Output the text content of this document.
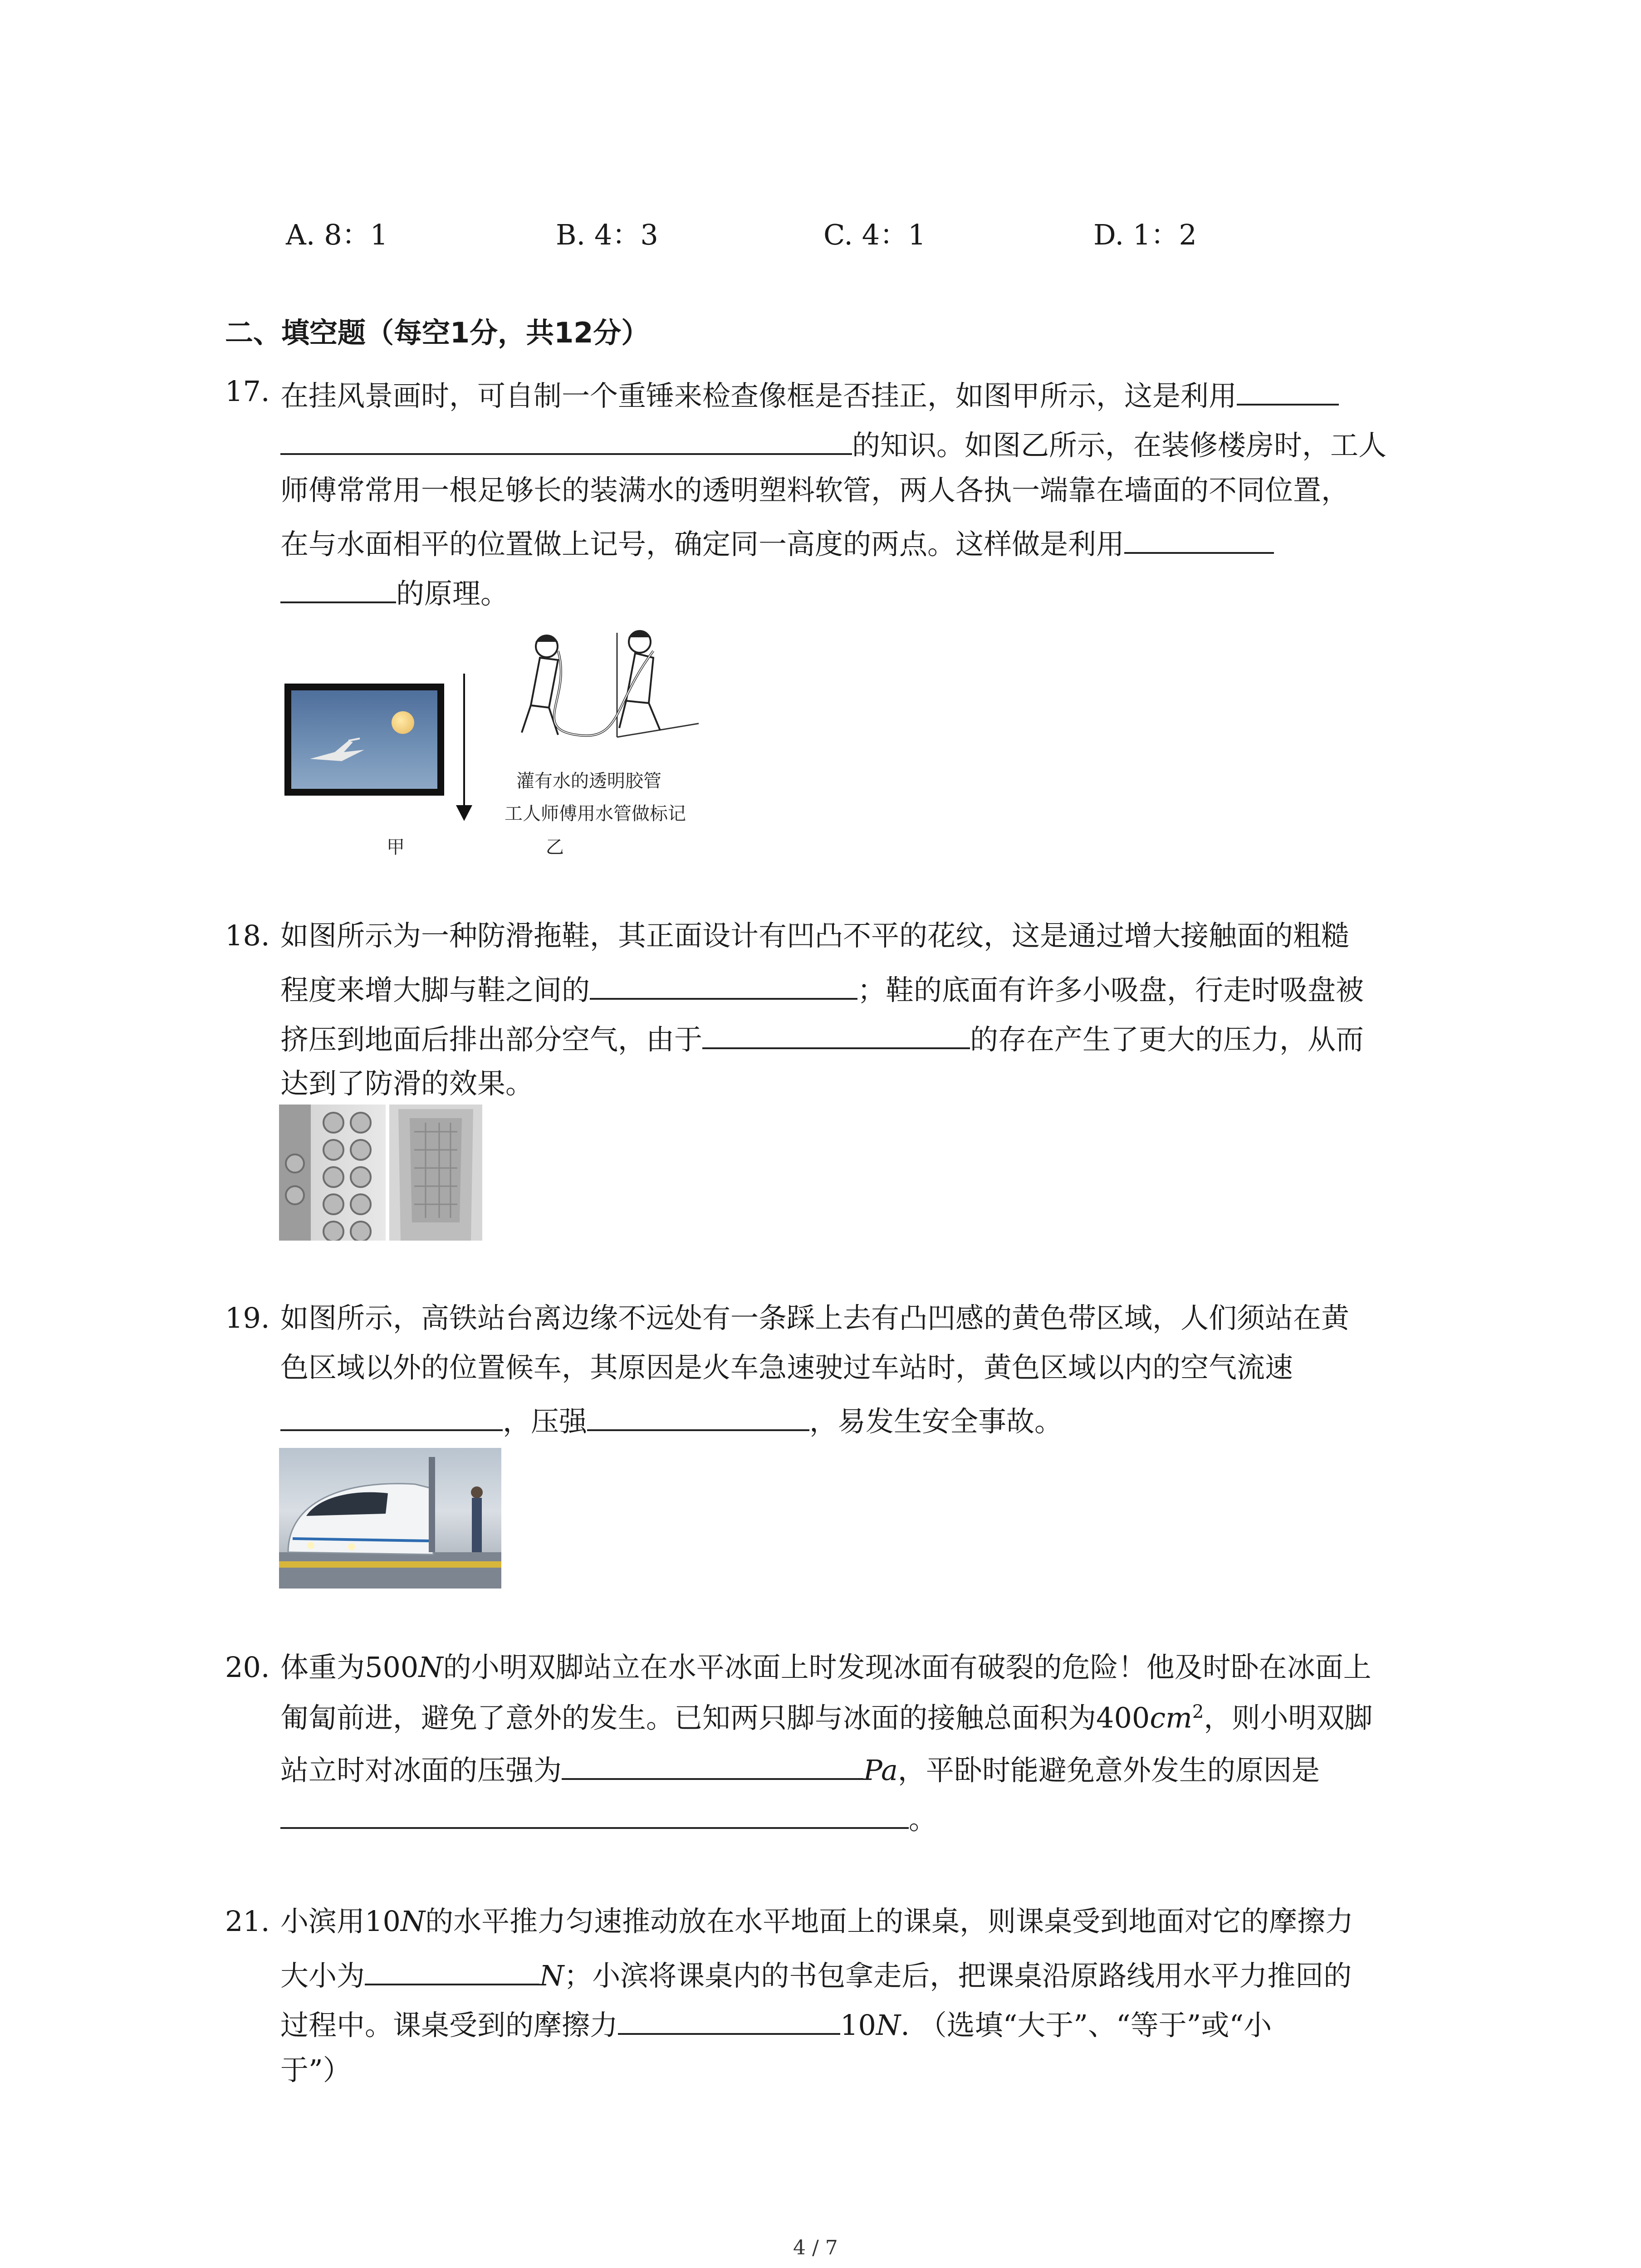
A. 8：1	B. 4：3	C. 4：1	D. 1：2
二、填空题（每空1分，共12分）
17. 在挂风景画时，可自制一个重锤来检查像框是否挂正，如图甲所示，这是利用
的知识。如图乙所示，在装修楼房时，工人
师傅常常用一根足够长的装满水的透明塑料软管，两人各执一端靠在墙面的不同位置，
在与水面相平的位置做上记号，确定同一高度的两点。这样做是利用
的原理。
甲
灌有水的透明胶管
工人师傅用水管做标记
乙
18. 如图所示为一种防滑拖鞋，其正面设计有凹凸不平的花纹，这是通过增大接触面的粗糙
程度来增大脚与鞋之间的	；鞋的底面有许多小吸盘，行走时吸盘被
挤压到地面后排出部分空气，由于	的存在产生了更大的压力，从而
达到了防滑的效果。
19. 如图所示，高铁站台离边缘不远处有一条踩上去有凸凹感的黄色带区域，人们须站在黄
色区域以外的位置候车，其原因是火车急速驶过车站时，黄色区域以内的空气流速
，压强	，易发生安全事故。
20. 体重为500N的小明双脚站立在水平冰面上时发现冰面有破裂的危险！他及时卧在冰面上
匍匐前进，避免了意外的发生。已知两只脚与冰面的接触总面积为$400cm^2$，则小明双脚
站立时对冰面的压强为	Pa，平卧时能避免意外发生的原因是
。
21. 小滨用10N的水平推力匀速推动放在水平地面上的课桌，则课桌受到地面对它的摩擦力
大小为	N；小滨将课桌内的书包拿走后，把课桌沿原路线用水平力推回的
过程中。课桌受到的摩擦力	10N. （选填“大于”、“等于”或“小
于”）
4 / 7
